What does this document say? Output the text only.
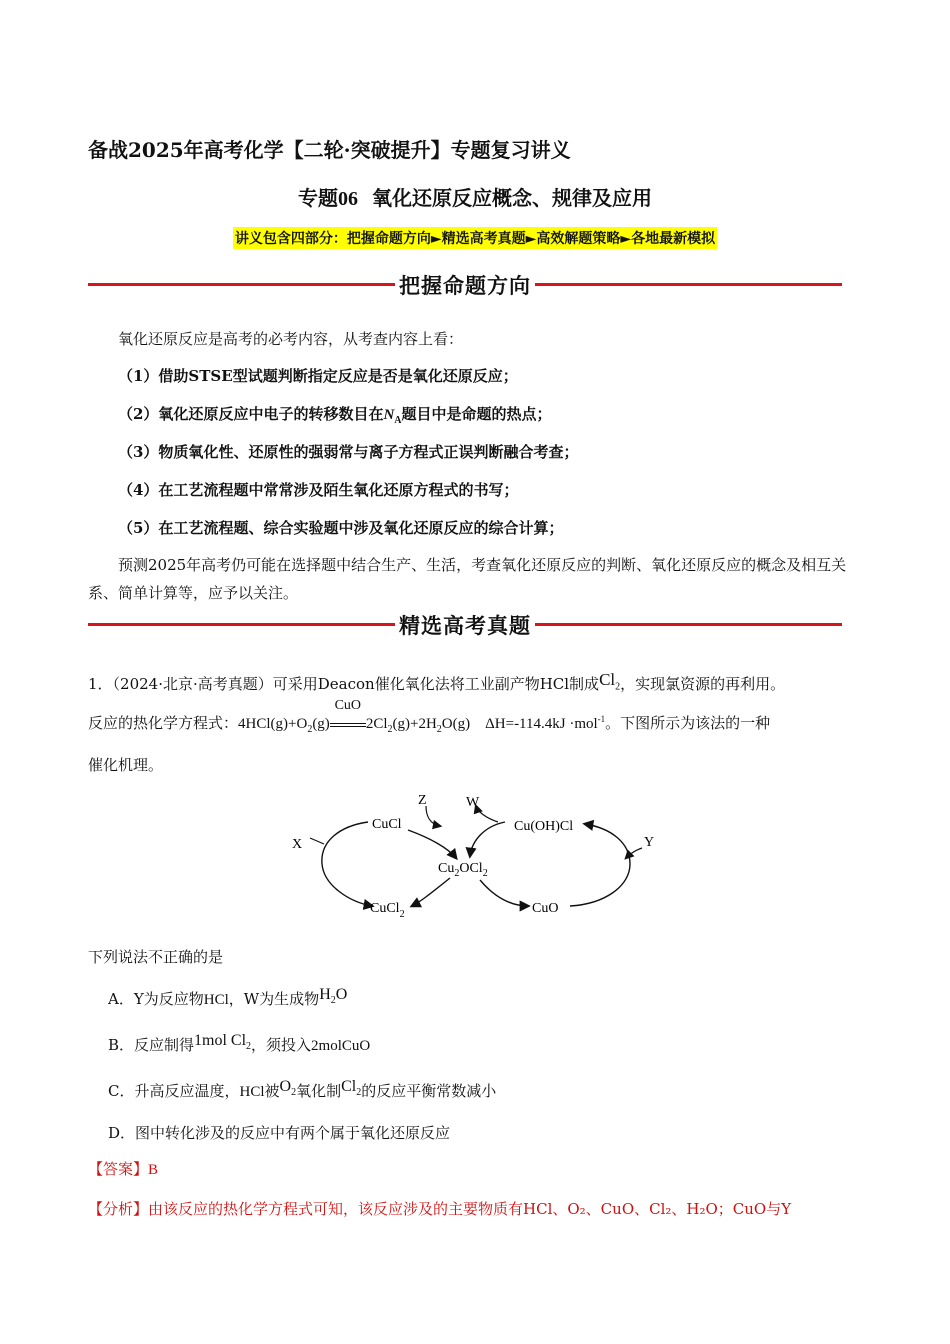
备战2025年高考化学【二轮·突破提升】专题复习讲义
专题06 氧化还原反应概念、规律及应用
讲义包含四部分：把握命题方向►精选高考真题►高效解题策略►各地最新模拟
把握命题方向
氧化还原反应是高考的必考内容，从考查内容上看：
（1）借助STSE型试题判断指定反应是否是氧化还原反应；
（2）氧化还原反应中电子的转移数目在$N_A$题目中是命题的热点；
（3）物质氧化性、还原性的强弱常与离子方程式正误判断融合考查；
（4）在工艺流程题中常常涉及陌生氧化还原方程式的书写；
（5）在工艺流程题、综合实验题中涉及氧化还原反应的综合计算；
预测2025年高考仍可能在选择题中结合生产、生活，考查氧化还原反应的判断、氧化还原反应的概念及相互关系、简单计算等，应予以关注。
精选高考真题
1．（2024·北京·高考真题）可采用Deacon催化氧化法将工业副产物HCl制成$Cl_2$，实现氯资源的再利用。
反应的热化学方程式：$4HCl(g)+O_2(g)$
CuO
$2Cl_2(g)+2H_2O(g)$ ΔH=-114.4kJ ·mol$^{-1}$。下图所示为该法的一种
催化机理。
CuCl	Cu(OH)Cl
$Cu_2OCl_2$
CuCl$_2$	CuO
X	Y
Z	W
下列说法不正确的是
A．Y为反应物HCl，W为生成物$H_2O$
B．反应制得1mol $Cl_2$，须投入2molCuO
C．升高反应温度，HCl被$O_2$氧化制$Cl_2$的反应平衡常数减小
D．图中转化涉及的反应中有两个属于氧化还原反应
【答案】B
【分析】由该反应的热化学方程式可知，该反应涉及的主要物质有HCl、O₂、CuO、Cl₂、H₂O；CuO与Y
